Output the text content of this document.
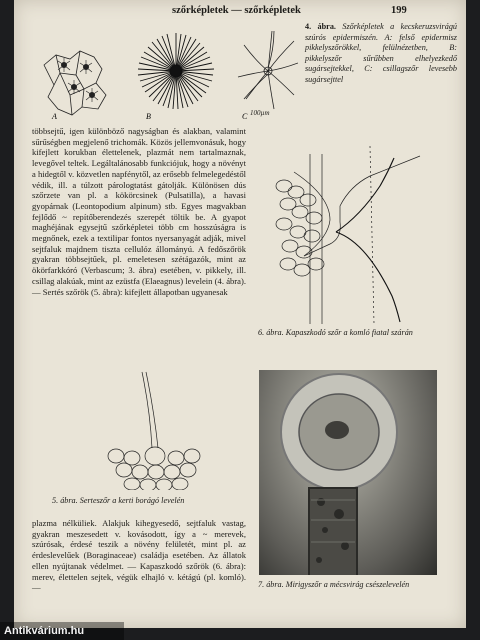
szőrképletek — szőrképletek	199
A	B	C 100µm
4. ábra. Szőrképletek a kecskeruzsvirágú szúrós epidermiszén. A: felső epidermisz pikkelyszőrökkel, felülnézetben, B: pikkelyszőr sűrűbben elhelyezkedő sugársejtekkel, C: csillagszőr levesebb sugársejttel

többsejtű, igen különböző nagyságban és alakban, valamint sűrűségben megjelenő trichomák. Közös jellemvonásuk, hogy kifejlett korukban élettelenek, plazmát nem tartalmaznak, levegővel teltek. Legáltalánosabb funkciójuk, hogy a növényt a hidegtől v. közvetlen napfénytől, az erősebb felmelegedéstől védik, ill. a túlzott párologtatást gátolják. Különösen dús szőrzete van pl. a kökörcsinek (Pulsatilla), a havasi gyopárnak (Leontopodium alpinum) stb. Egyes magvakban fejlődő ~ repítőberendezés szerepét töltik be. A gyapot maghéjának egysejtű szőrképletei több cm hosszúságra is megnőnek, ezek a textilipar fontos nyersanyagát adják, mivel sejtfaluk majdnem tiszta cellulóz állományú. A fedőszőrök gyakran többsejtűek, pl. emeletesen szétágazók, mint az ökörfarkkóró (Verbascum; 3. ábra) esetében, v. pikkely, ill. csillag alakúak, mint az ezüstfa (Elaeagnus) levelein (4. ábra). — Sertés szőrök (5. ábra): kifejlett állapotban ugyanesak

6. ábra. Kapaszkodó szőr a komló fiatal szárán
5. ábra. Serteszőr a kerti borágó levelén

plazma nélküliek. Alakjuk kihegyesedő, sejtfaluk vastag, gyakran meszesedett v. kovásodott, így a ~ merevek, szúrósak, érdesé teszik a növény felületét, mint pl. az érdeslevelűek (Boraginaceae) családja esetében. Az állatok ellen nyújtanak védelmet. — Kapaszkodó szőrök (6. ábra): merev, élettelen sejtek, végük elhajló v. kétágú (pl. komló). —	7. ábra. Mirigyszőr a mécsvirág csészelevelén
Antikvárium.hu
